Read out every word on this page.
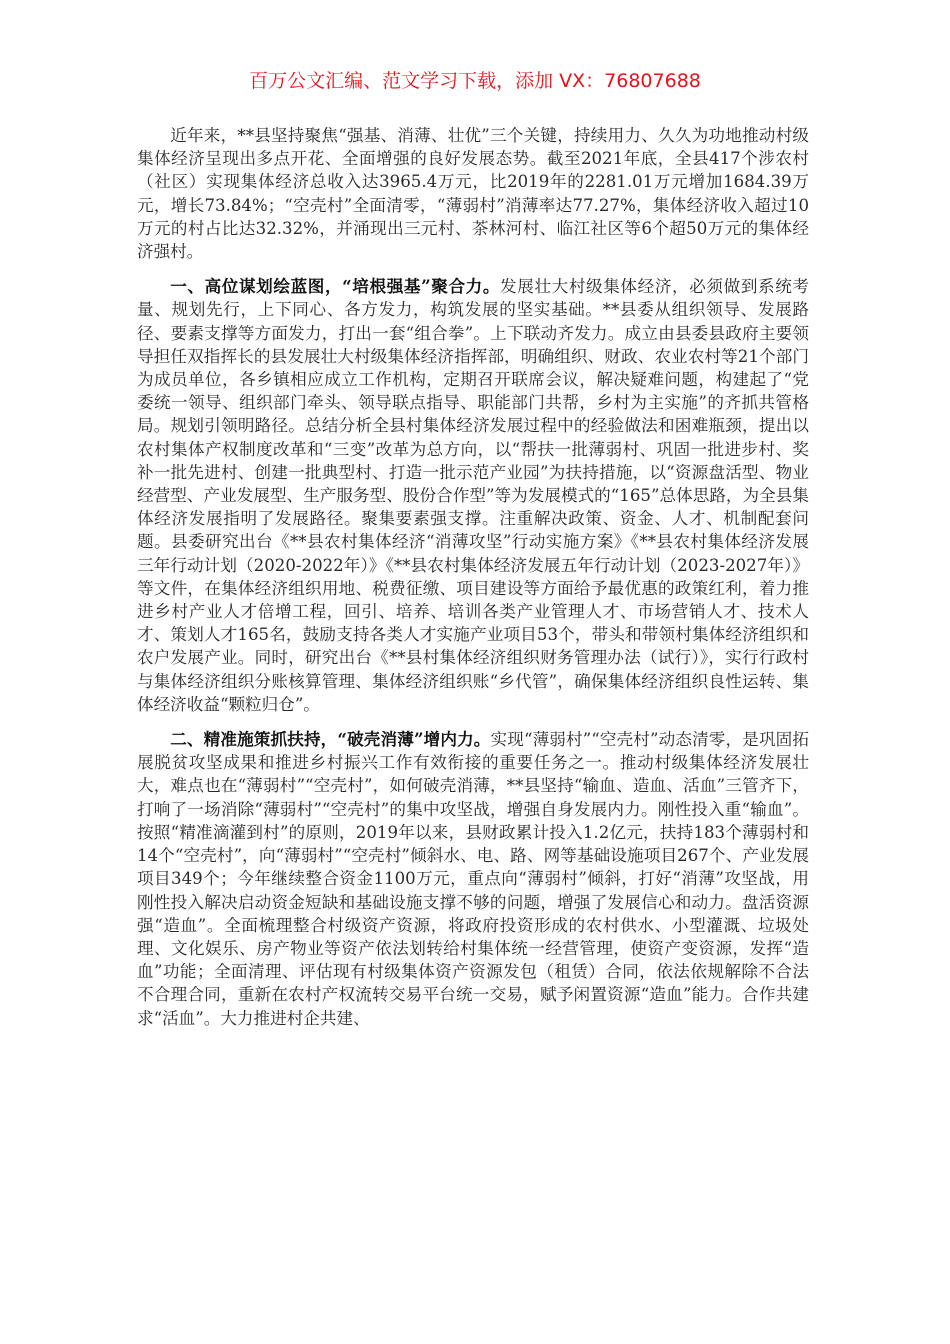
百万公文汇编、范文学习下载，添加 VX：76807688

近年来，**县坚持聚焦“强基、消薄、壮优”三个关键，持续用力、久久为功地推动村级集体经济呈现出多点开花、全面增强的良好发展态势。截至2021年底，全县417个涉农村（社区）实现集体经济总收入达3965.4万元，比2019年的2281.01万元增加1684.39万元，增长73.84%；“空壳村”全面清零，“薄弱村”消薄率达77.27%，集体经济收入超过10万元的村占比达32.32%，并涌现出三元村、茶林河村、临江社区等6个超50万元的集体经济强村。

一、高位谋划绘蓝图，“培根强基”聚合力。发展壮大村级集体经济，必须做到系统考量、规划先行，上下同心、各方发力，构筑发展的坚实基础。**县委从组织领导、发展路径、要素支撑等方面发力，打出一套“组合拳”。上下联动齐发力。成立由县委县政府主要领导担任双指挥长的县发展壮大村级集体经济指挥部，明确组织、财政、农业农村等21个部门为成员单位，各乡镇相应成立工作机构，定期召开联席会议，解决疑难问题，构建起了“党委统一领导、组织部门牵头、领导联点指导、职能部门共帮，乡村为主实施”的齐抓共管格局。规划引领明路径。总结分析全县村集体经济发展过程中的经验做法和困难瓶颈，提出以农村集体产权制度改革和“三变”改革为总方向，以“帮扶一批薄弱村、巩固一批进步村、奖补一批先进村、创建一批典型村、打造一批示范产业园”为扶持措施，以“资源盘活型、物业经营型、产业发展型、生产服务型、股份合作型”等为发展模式的“165”总体思路，为全县集体经济发展指明了发展路径。聚集要素强支撑。注重解决政策、资金、人才、机制配套问题。县委研究出台《**县农村集体经济“消薄攻坚”行动实施方案》《**县农村集体经济发展三年行动计划（2020-2022年）》《**县农村集体经济发展五年行动计划（2023-2027年）》等文件，在集体经济组织用地、税费征缴、项目建设等方面给予最优惠的政策红利，着力推进乡村产业人才倍增工程，回引、培养、培训各类产业管理人才、市场营销人才、技术人才、策划人才165名，鼓励支持各类人才实施产业项目53个，带头和带领村集体经济组织和农户发展产业。同时，研究出台《**县村集体经济组织财务管理办法（试行）》，实行行政村与集体经济组织分账核算管理、集体经济组织账“乡代管”，确保集体经济组织良性运转、集体经济收益“颗粒归仓”。

二、精准施策抓扶持，“破壳消薄”增内力。实现“薄弱村”“空壳村”动态清零，是巩固拓展脱贫攻坚成果和推进乡村振兴工作有效衔接的重要任务之一。推动村级集体经济发展壮大，难点也在“薄弱村”“空壳村”，如何破壳消薄，**县坚持“输血、造血、活血”三管齐下，打响了一场消除“薄弱村”“空壳村”的集中攻坚战，增强自身发展内力。刚性投入重“输血”。按照“精准滴灌到村”的原则，2019年以来，县财政累计投入1.2亿元，扶持183个薄弱村和14个“空壳村”，向“薄弱村”“空壳村”倾斜水、电、路、网等基础设施项目267个、产业发展项目349个；今年继续整合资金1100万元，重点向“薄弱村”倾斜，打好“消薄”攻坚战，用刚性投入解决启动资金短缺和基础设施支撑不够的问题，增强了发展信心和动力。盘活资源强“造血”。全面梳理整合村级资产资源，将政府投资形成的农村供水、小型灌溉、垃圾处理、文化娱乐、房产物业等资产依法划转给村集体统一经营管理，使资产变资源，发挥“造血”功能；全面清理、评估现有村级集体资产资源发包（租赁）合同，依法依规解除不合法不合理合同，重新在农村产权流转交易平台统一交易，赋予闲置资源“造血”能力。合作共建求“活血”。大力推进村企共建、
